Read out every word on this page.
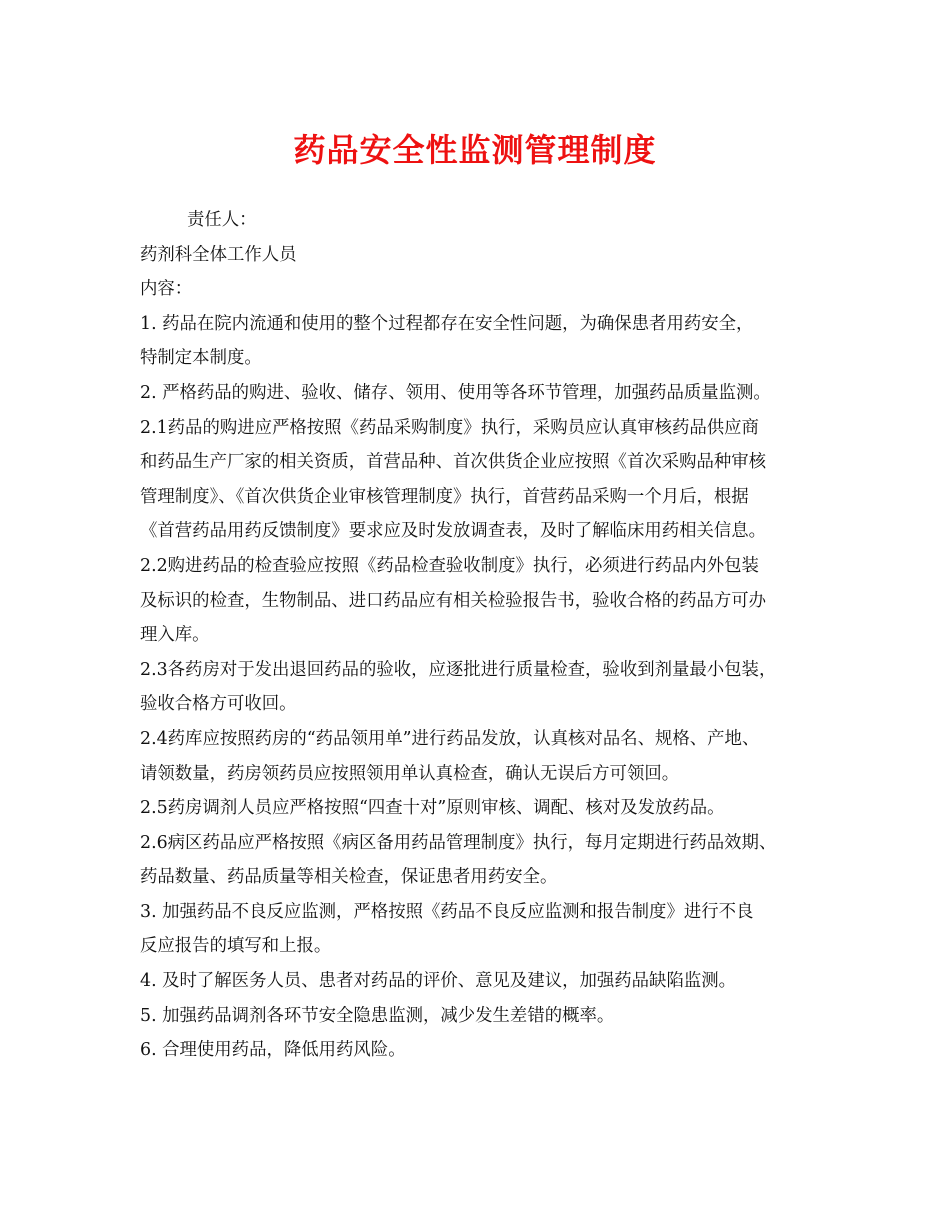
药品安全性监测管理制度

责任人：

药剂科全体工作人员

内容：

1. 药品在院内流通和使用的整个过程都存在安全性问题，为确保患者用药安全，

特制定本制度。

2. 严格药品的购进、验收、储存、领用、使用等各环节管理，加强药品质量监测。

2.1药品的购进应严格按照《药品采购制度》执行，采购员应认真审核药品供应商

和药品生产厂家的相关资质，首营品种、首次供货企业应按照《首次采购品种审核

管理制度》、《首次供货企业审核管理制度》执行，首营药品采购一个月后，根据

《首营药品用药反馈制度》要求应及时发放调查表，及时了解临床用药相关信息。

2.2购进药品的检查验应按照《药品检查验收制度》执行，必须进行药品内外包装

及标识的检查，生物制品、进口药品应有相关检验报告书，验收合格的药品方可办

理入库。

2.3各药房对于发出退回药品的验收，应逐批进行质量检查，验收到剂量最小包装，

验收合格方可收回。

2.4药库应按照药房的“药品领用单”进行药品发放，认真核对品名、规格、产地、

请领数量，药房领药员应按照领用单认真检查，确认无误后方可领回。

2.5药房调剂人员应严格按照“四查十对”原则审核、调配、核对及发放药品。

2.6病区药品应严格按照《病区备用药品管理制度》执行，每月定期进行药品效期、

药品数量、药品质量等相关检查，保证患者用药安全。

3. 加强药品不良反应监测，严格按照《药品不良反应监测和报告制度》进行不良

反应报告的填写和上报。

4. 及时了解医务人员、患者对药品的评价、意见及建议，加强药品缺陷监测。

5. 加强药品调剂各环节安全隐患监测，减少发生差错的概率。

6. 合理使用药品，降低用药风险。
